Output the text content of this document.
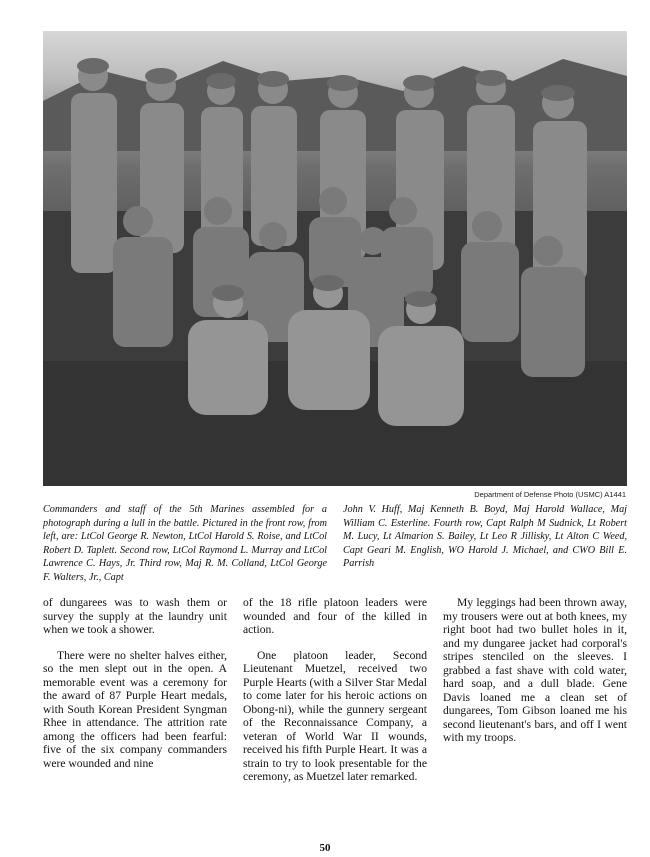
Department of Defense Photo (USMC) A1441
Commanders and staff of the 5th Marines assembled for a photograph during a lull in the battle. Pictured in the front row, from left, are: LtCol George R. Newton, LtCol Harold S. Roise, and LtCol Robert D. Taplett. Second row, LtCol Raymond L. Murray and LtCol Lawrence C. Hays, Jr. Third row, Maj R. M. Colland, LtCol George F. Walters, Jr., Capt
John V. Huff, Maj Kenneth B. Boyd, Maj Harold Wallace, Maj William C. Esterline. Fourth row, Capt Ralph M Sudnick, Lt Robert M. Lucy, Lt Almarion S. Bailey, Lt Leo R Jillisky, Lt Alton C Weed, Capt Geari M. English, WO Harold J. Michael, and CWO Bill E. Parrish

of dungarees was to wash them or survey the supply at the laundry unit when we took a shower.

There were no shelter halves either, so the men slept out in the open. A memorable event was a ceremony for the award of 87 Purple Heart medals, with South Korean President Syngman Rhee in attendance. The attrition rate among the officers had been fearful: five of the six company commanders were wounded and nine

of the 18 rifle platoon leaders were wounded and four of the killed in action.

One platoon leader, Second Lieutenant Muetzel, received two Purple Hearts (with a Silver Star Medal to come later for his heroic actions on Obong-ni), while the gunnery sergeant of the Reconnaissance Company, a veteran of World War II wounds, received his fifth Purple Heart. It was a strain to try to look presentable for the ceremony, as Muetzel later remarked.

My leggings had been thrown away, my trousers were out at both knees, my right boot had two bullet holes in it, and my dungaree jacket had corporal's stripes stenciled on the sleeves. I grabbed a fast shave with cold water, hard soap, and a dull blade. Gene Davis loaned me a clean set of dungarees, Tom Gibson loaned me his second lieutenant's bars, and off I went with my troops.

50
